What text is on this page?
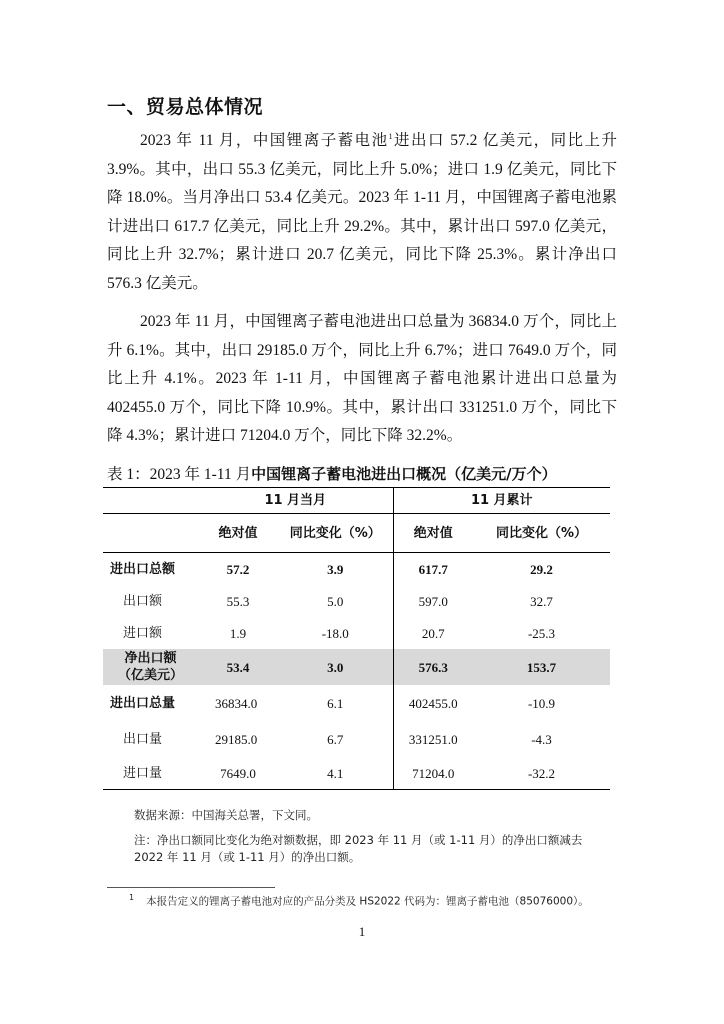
一、贸易总体情况
2023 年 11 月，中国锂离子蓄电池$^1$进出口 57.2 亿美元，同比上升 3.9%。其中，出口 55.3 亿美元，同比上升 5.0%；进口 1.9 亿美元，同比下降 18.0%。当月净出口 53.4 亿美元。2023 年 1-11 月，中国锂离子蓄电池累计进出口 617.7 亿美元，同比上升 29.2%。其中，累计出口 597.0 亿美元，同比上升 32.7%；累计进口 20.7 亿美元，同比下降 25.3%。累计净出口 576.3 亿美元。
2023 年 11 月，中国锂离子蓄电池进出口总量为 36834.0 万个，同比上升 6.1%。其中，出口 29185.0 万个，同比上升 6.7%；进口 7649.0 万个，同比上升 4.1%。2023 年 1-11 月，中国锂离子蓄电池累计进出口总量为 402455.0 万个，同比下降 10.9%。其中，累计出口 331251.0 万个，同比下降 4.3%；累计进口 71204.0 万个，同比下降 32.2%。
表 1：2023 年 1-11 月中国锂离子蓄电池进出口概况（亿美元/万个）
	11 月当月		11 月累计	
	绝对值	同比变化（%）	绝对值	同比变化（%）
进出口总额	57.2	3.9	617.7	29.2
出口额	55.3	5.0	597.0	32.7
进口额	1.9	-18.0	20.7	-25.3
净出口额
（亿美元）	53.4	3.0	576.3	153.7
进出口总量	36834.0	6.1	402455.0	-10.9
出口量	29185.0	6.7	331251.0	-4.3
进口量	7649.0	4.1	71204.0	-32.2
数据来源：中国海关总署，下文同。
注：净出口额同比变化为绝对额数据，即 2023 年 11 月（或 1-11 月）的净出口额减去 2022 年 11 月（或 1-11 月）的净出口额。
$^1$ 本报告定义的锂离子蓄电池对应的产品分类及 HS2022 代码为：锂离子蓄电池（85076000）。
1
